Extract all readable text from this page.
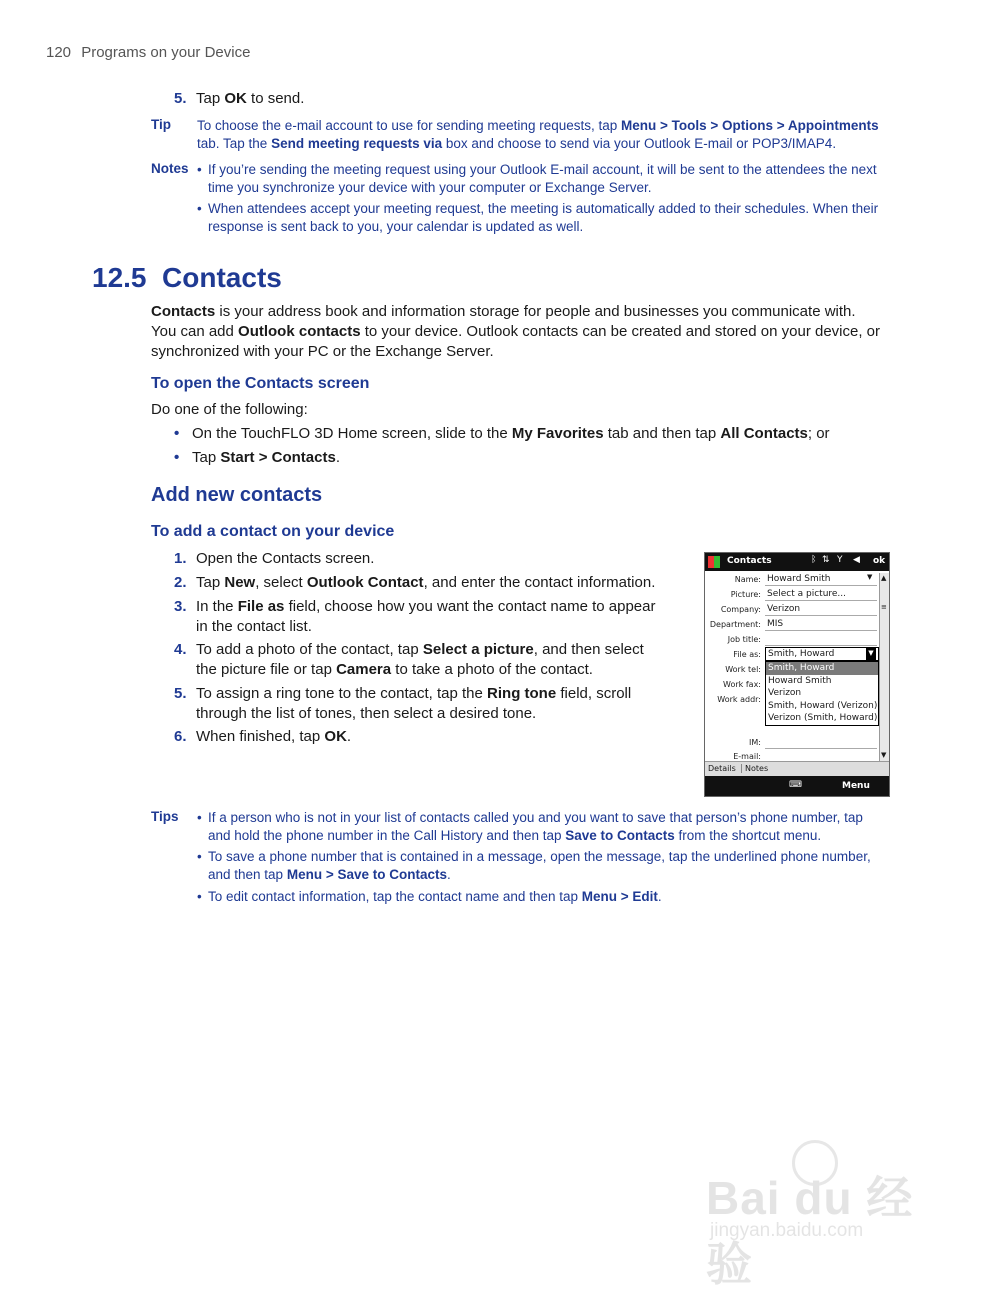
120 Programs on your Device
5. Tap OK to send.
Tip To choose the e-mail account to use for sending meeting requests, tap Menu > Tools > Options > Appointments
tab. Tap the Send meeting requests via box and choose to send via your Outlook E-mail or POP3/IMAP4.
Notes • If you’re sending the meeting request using your Outlook E-mail account, it will be sent to the attendees the next
time you synchronize your device with your computer or Exchange Server.
• When attendees accept your meeting request, the meeting is automatically added to their schedules. When their
response is sent back to you, your calendar is updated as well.
12.5  Contacts
Contacts is your address book and information storage for people and businesses you communicate with.
You can add Outlook contacts to your device. Outlook contacts can be created and stored on your device, or
synchronized with your PC or the Exchange Server.
To open the Contacts screen
Do one of the following:
• On the TouchFLO 3D Home screen, slide to the My Favorites tab and then tap All Contacts; or
• Tap Start > Contacts.
Add new contacts
To add a contact on your device
1. Open the Contacts screen.
2. Tap New, select Outlook Contact, and enter the contact information.
3. In the File as field, choose how you want the contact name to appear
in the contact list.
4. To add a photo of the contact, tap Select a picture, and then select
the picture file or tap Camera to take a photo of the contact.
5. To assign a ring tone to the contact, tap the Ring tone field, scroll
through the list of tones, then select a desired tone.
6. When finished, tap OK.
Contacts	ᛒ ⇅ Y ◀ ok
Name: Howard Smith	▼
Picture: Select a picture...
Company: Verizon
Department: MIS
Job title:
File as: Smith, Howard	▼
Work tel:
Work fax:
Work addr:
Smith, Howard
Howard Smith
Verizon
Smith, Howard (Verizon)
Verizon (Smith, Howard)
IM:
E-mail:
▲
≡
▼
Details	Notes
⌨	Menu
Tips • If a person who is not in your list of contacts called you and you want to save that person’s phone number, tap
and hold the phone number in the Call History and then tap Save to Contacts from the shortcut menu.
• To save a phone number that is contained in a message, open the message, tap the underlined phone number,
and then tap Menu > Save to Contacts.
• To edit contact information, tap the contact name and then tap Menu > Edit.
Bai du 经验
jingyan.baidu.com
